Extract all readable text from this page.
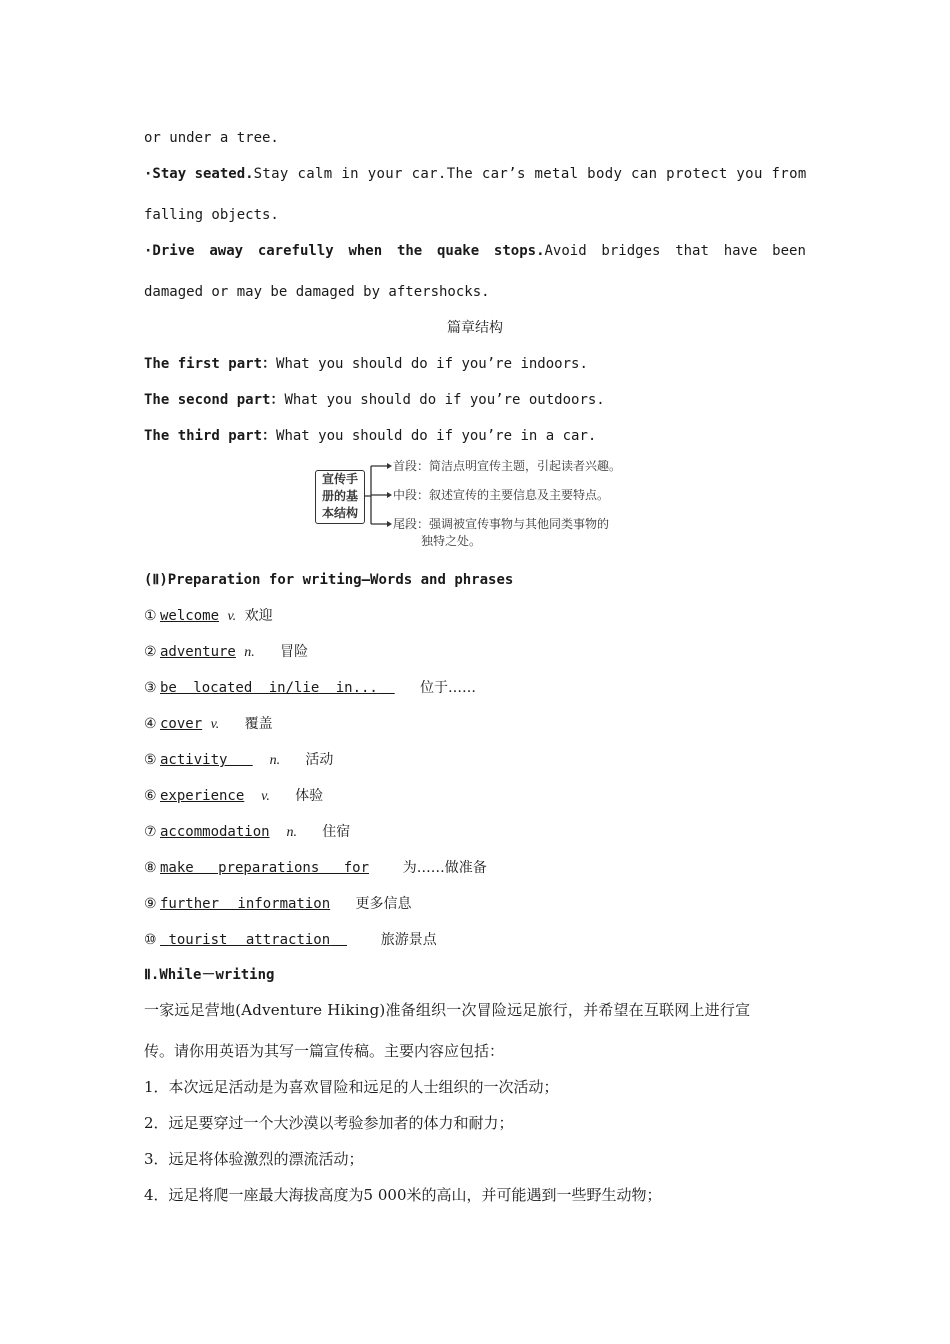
or under a tree.
·Stay seated.Stay calm in your car.The car’s metal body can protect you from
falling objects.
·Drive away carefully when the quake stops.Avoid bridges that have been
damaged or may be damaged by aftershocks.
篇章结构
The first part：What you should do if you’re indoors.
The second part：What you should do if you’re outdoors.
The third part：What you should do if you’re in a car.
宣传手
册的基
本结构
首段：简洁点明宣传主题，引起读者兴趣。
中段：叙述宣传的主要信息及主要特点。
尾段：强调被宣传事物与其他同类事物的
独特之处。
(Ⅱ)Preparation for writing—Words and phrases
① welcome v. 欢迎
② adventure n. 冒险
③ be located in/lie in...	位于……
④ cover v. 覆盖
⑤ activity	n. 活动
⑥ experience v. 体验
⑦ accommodation n. 住宿
⑧ make preparations for 为……做准备
⑨ further information 更多信息
⑩ tourist attraction	旅游景点
Ⅱ.While－writing
一家远足营地(Adventure Hiking)准备组织一次冒险远足旅行，并希望在互联网上进行宣
传。请你用英语为其写一篇宣传稿。主要内容应包括：
1．本次远足活动是为喜欢冒险和远足的人士组织的一次活动；
2．远足要穿过一个大沙漠以考验参加者的体力和耐力；
3．远足将体验激烈的漂流活动；
4．远足将爬一座最大海拔高度为5 000米的高山，并可能遇到一些野生动物；
